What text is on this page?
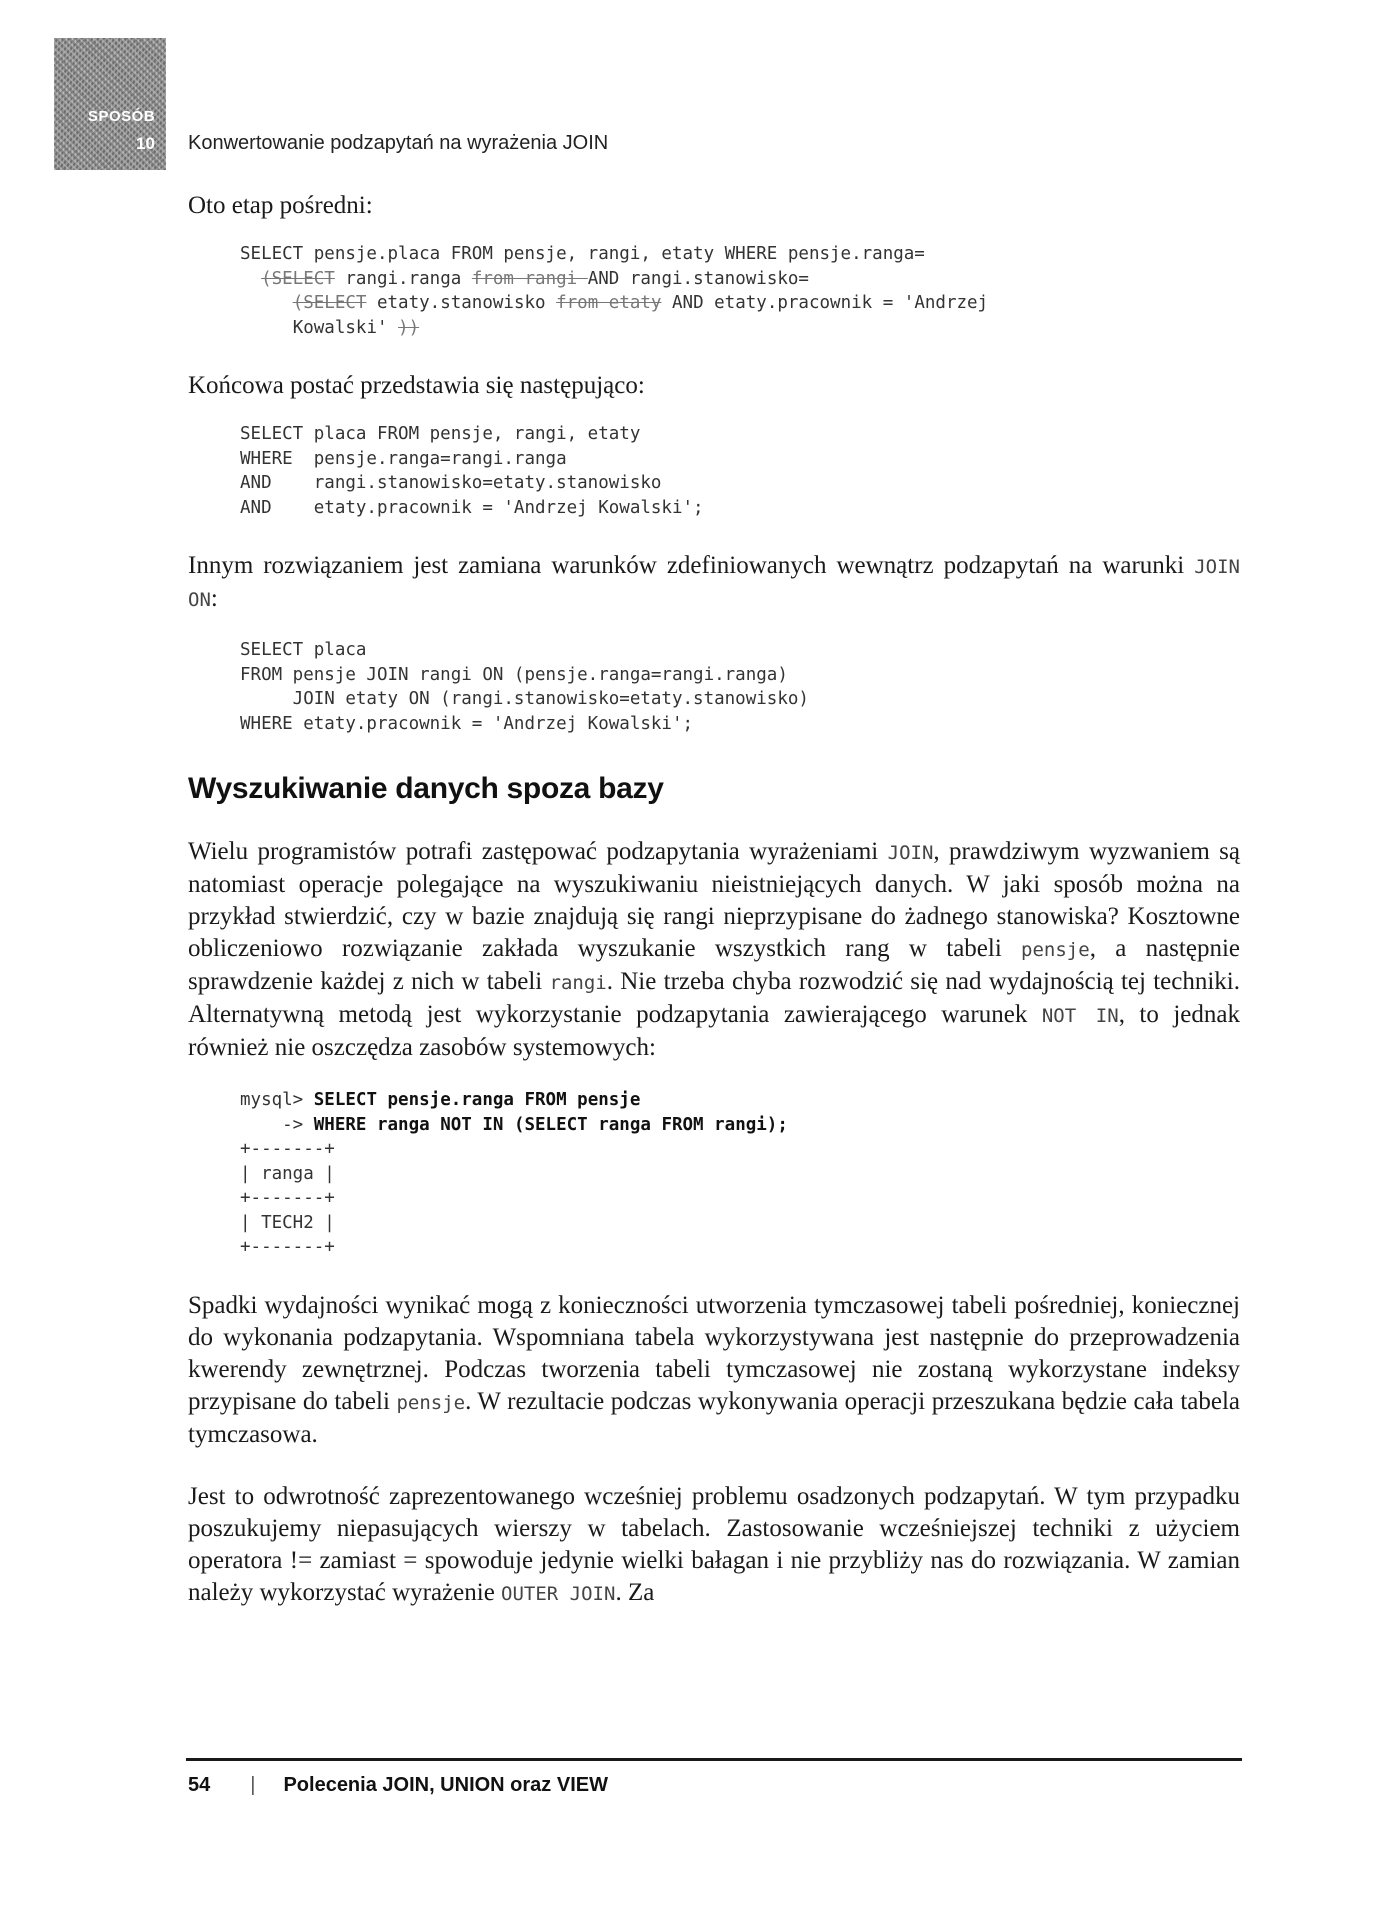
SPOSÓB
10 Konwertowanie podzapytań na wyrażenia JOIN

Oto etap pośredni:

SELECT pensje.placa FROM pensje, rangi, etaty WHERE pensje.ranga=
(SELECT rangi.ranga from rangi AND rangi.stanowisko=
(SELECT etaty.stanowisko from etaty AND etaty.pracownik = 'Andrzej
Kowalski' ))

Końcowa postać przedstawia się następująco:

SELECT placa FROM pensje, rangi, etaty
WHERE  pensje.ranga=rangi.ranga
AND    rangi.stanowisko=etaty.stanowisko
AND    etaty.pracownik = 'Andrzej Kowalski';

Innym rozwiązaniem jest zamiana warunków zdefiniowanych wewnątrz podzapytań na warunki JOIN ON:

SELECT placa
FROM pensje JOIN rangi ON (pensje.ranga=rangi.ranga)
JOIN etaty ON (rangi.stanowisko=etaty.stanowisko)
WHERE etaty.pracownik = 'Andrzej Kowalski';
Wyszukiwanie danych spoza bazy

Wielu programistów potrafi zastępować podzapytania wyrażeniami JOIN, prawdziwym wyzwaniem są natomiast operacje polegające na wyszukiwaniu nieistniejących danych. W jaki sposób można na przykład stwierdzić, czy w bazie znajdują się rangi nieprzypisane do żadnego stanowiska? Kosztowne obliczeniowo rozwiązanie zakłada wyszukanie wszystkich rang w tabeli pensje, a następnie sprawdzenie każdej z nich w tabeli rangi. Nie trzeba chyba rozwodzić się nad wydajnością tej techniki. Alternatywną metodą jest wykorzystanie podzapytania zawierającego warunek NOT IN, to jednak również nie oszczędza zasobów systemowych:

mysql> SELECT pensje.ranga FROM pensje
-> WHERE ranga NOT IN (SELECT ranga FROM rangi);
+-------+
| ranga |
+-------+
| TECH2 |
+-------+

Spadki wydajności wynikać mogą z konieczności utworzenia tymczasowej tabeli pośredniej, koniecznej do wykonania podzapytania. Wspomniana tabela wykorzystywana jest następnie do przeprowadzenia kwerendy zewnętrznej. Podczas tworzenia tabeli tymczasowej nie zostaną wykorzystane indeksy przypisane do tabeli pensje. W rezultacie podczas wykonywania operacji przeszukana będzie cała tabela tymczasowa.

Jest to odwrotność zaprezentowanego wcześniej problemu osadzonych podzapytań. W tym przypadku poszukujemy niepasujących wierszy w tabelach. Zastosowanie wcześniejszej techniki z użyciem operatora != zamiast = spowoduje jedynie wielki bałagan i nie przybliży nas do rozwiązania. W zamian należy wykorzystać wyrażenie OUTER JOIN. Za

54 | Polecenia JOIN, UNION oraz VIEW
